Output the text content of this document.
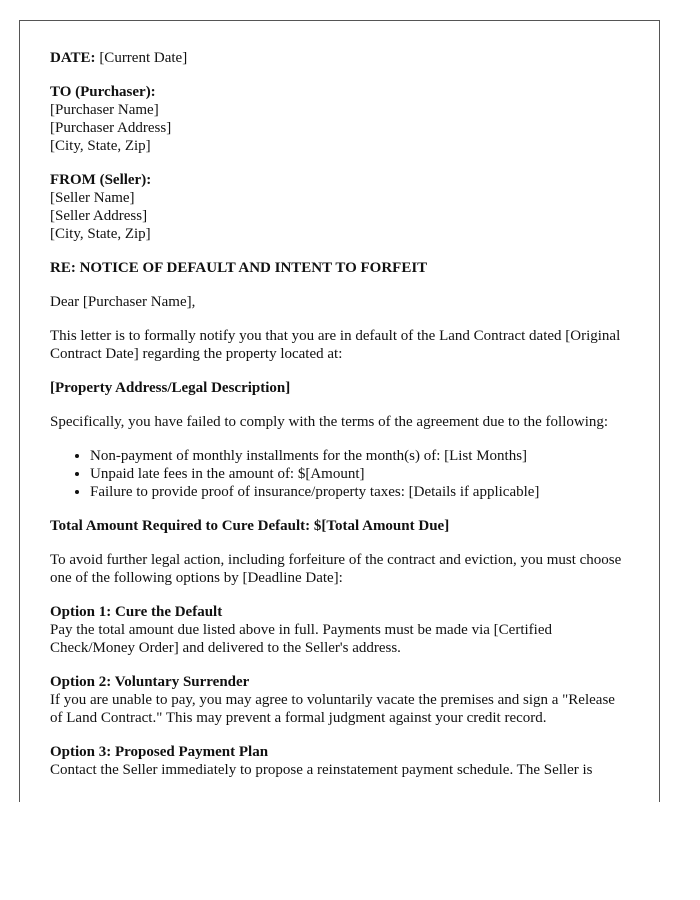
DATE: [Current Date]

TO (Purchaser):
[Purchaser Name]
[Purchaser Address]
[City, State, Zip]

FROM (Seller):
[Seller Name]
[Seller Address]
[City, State, Zip]

RE: NOTICE OF DEFAULT AND INTENT TO FORFEIT

Dear [Purchaser Name],

This letter is to formally notify you that you are in default of the Land Contract dated [Original Contract Date] regarding the property located at:

[Property Address/Legal Description]

Specifically, you have failed to comply with the terms of the agreement due to the following:

• Non-payment of monthly installments for the month(s) of: [List Months]
• Unpaid late fees in the amount of: $[Amount]
• Failure to provide proof of insurance/property taxes: [Details if applicable]

Total Amount Required to Cure Default: $[Total Amount Due]

To avoid further legal action, including forfeiture of the contract and eviction, you must choose one of the following options by [Deadline Date]:

Option 1: Cure the Default
Pay the total amount due listed above in full. Payments must be made via [Certified Check/Money Order] and delivered to the Seller's address.

Option 2: Voluntary Surrender
If you are unable to pay, you may agree to voluntarily vacate the premises and sign a "Release of Land Contract." This may prevent a formal judgment against your credit record.

Option 3: Proposed Payment Plan
Contact the Seller immediately to propose a reinstatement payment schedule. The Seller is
